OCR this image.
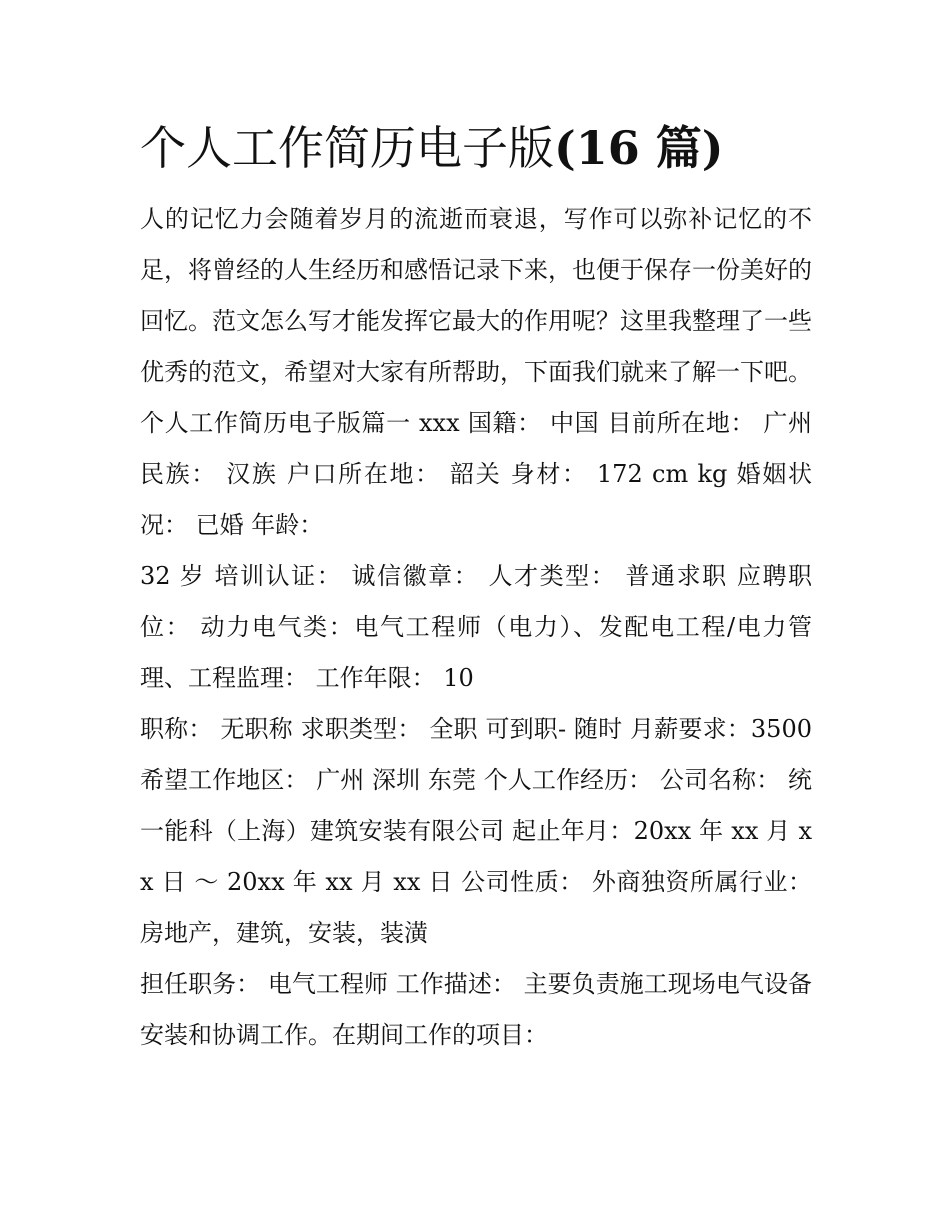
个人工作简历电子版(16 篇)

人的记忆力会随着岁月的流逝而衰退，写作可以弥补记忆的不足，将曾经的人生经历和感悟记录下来，也便于保存一份美好的回忆。范文怎么写才能发挥它最大的作用呢？这里我整理了一些优秀的范文，希望对大家有所帮助，下面我们就来了解一下吧。

个人工作简历电子版篇一 xxx 国籍： 中国 目前所在地： 广州 民族： 汉族 户口所在地： 韶关 身材： 172 cm kg 婚姻状况： 已婚 年龄：

32 岁 培训认证： 诚信徽章： 人才类型： 普通求职 应聘职位： 动力电气类：电气工程师（电力）、发配电工程/电力管理、工程监理： 工作年限： 10

职称： 无职称 求职类型： 全职 可到职- 随时 月薪要求：3500 希望工作地区： 广州 深圳 东莞 个人工作经历： 公司名称： 统一能科（上海）建筑安装有限公司 起止年月：20xx 年 xx 月 xx 日 ～ 20xx 年 xx 月 xx 日 公司性质： 外商独资所属行业：房地产，建筑，安装，装潢

担任职务： 电气工程师 工作描述： 主要负责施工现场电气设备安装和协调工作。在期间工作的项目：
